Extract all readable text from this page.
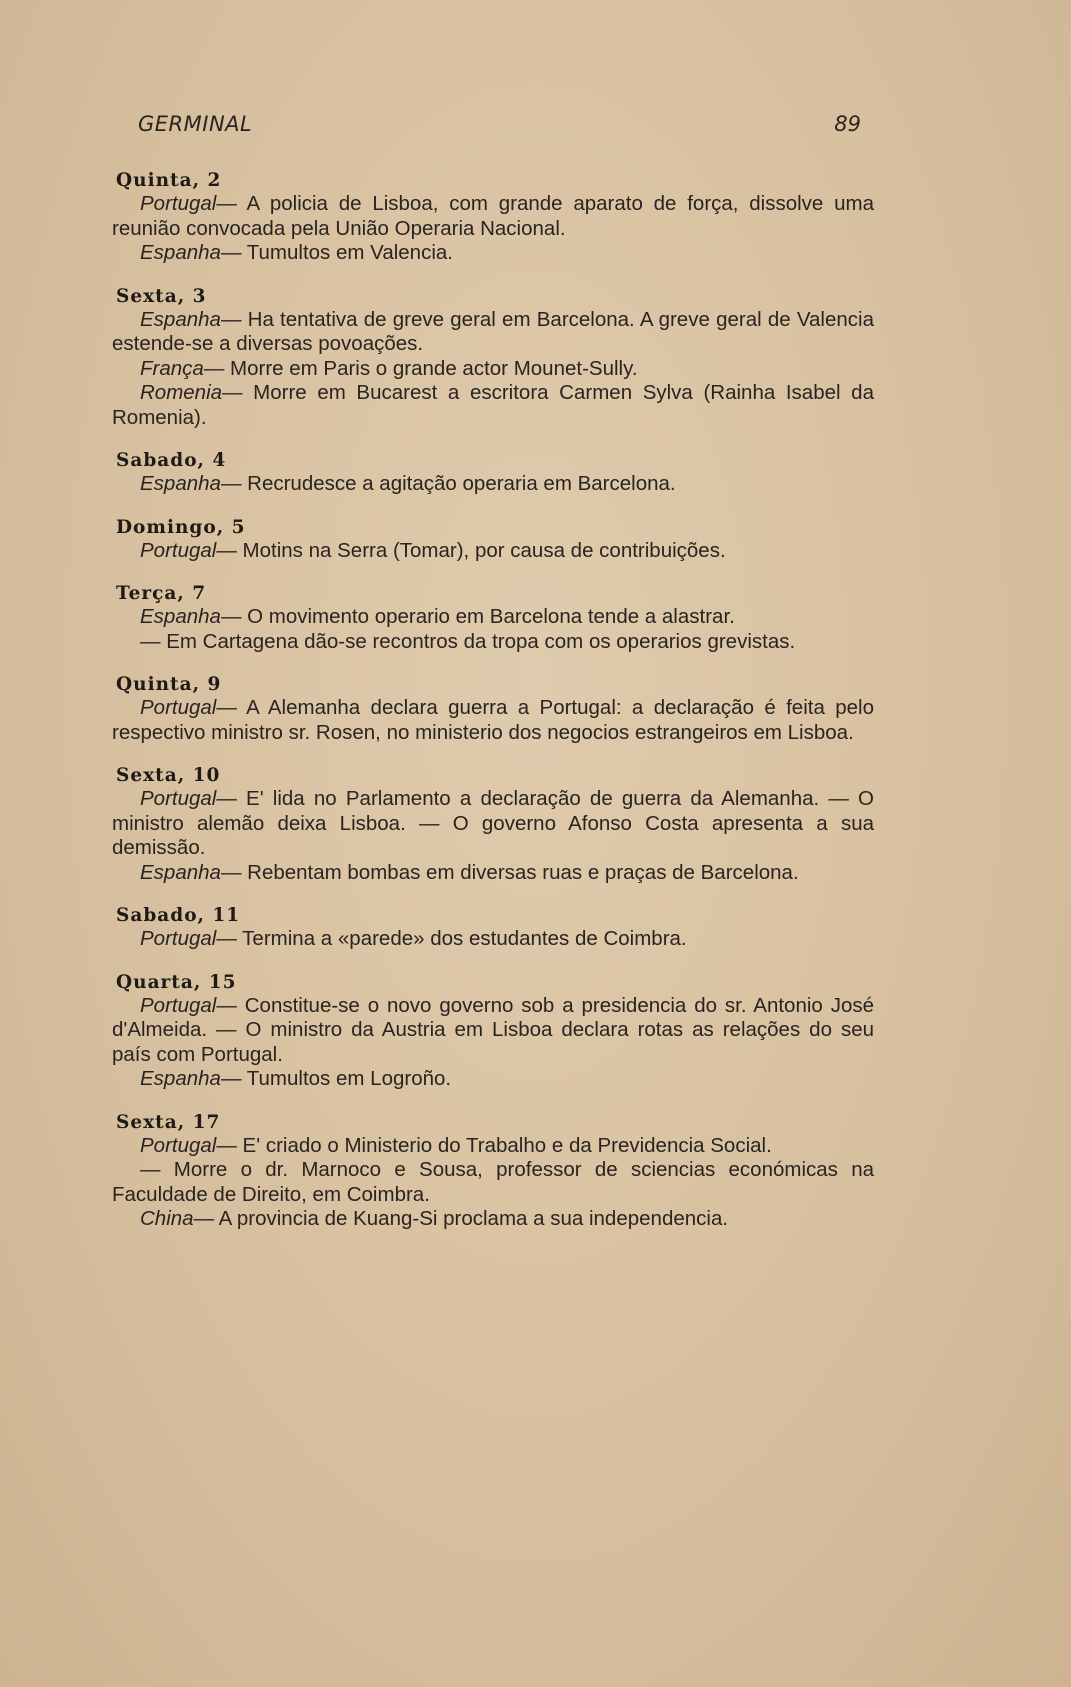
GERMINAL	89
Quinta, 2

Portugal— A policia de Lisboa, com grande aparato de força, dissolve uma reunião convocada pela União Operaria Nacional.

Espanha— Tumultos em Valencia.

Sexta, 3

Espanha— Ha tentativa de greve geral em Barcelona. A greve geral de Valencia estende-se a diversas povoações.

França— Morre em Paris o grande actor Mounet-Sully.

Romenia— Morre em Bucarest a escritora Carmen Sylva (Rainha Isabel da Romenia).

Sabado, 4

Espanha— Recrudesce a agitação operaria em Barcelona.

Domingo, 5

Portugal— Motins na Serra (Tomar), por causa de contribuições.

Terça, 7

Espanha— O movimento operario em Barcelona tende a alastrar.

— Em Cartagena dão-se recontros da tropa com os operarios grevistas.

Quinta, 9

Portugal— A Alemanha declara guerra a Portugal: a declaração é feita pelo respectivo ministro sr. Rosen, no ministerio dos negocios estrangeiros em Lisboa.

Sexta, 10

Portugal— E' lida no Parlamento a declaração de guerra da Alemanha. — O ministro alemão deixa Lisboa. — O governo Afonso Costa apresenta a sua demissão.

Espanha— Rebentam bombas em diversas ruas e praças de Barcelona.

Sabado, 11

Portugal— Termina a «parede» dos estudantes de Coimbra.

Quarta, 15

Portugal— Constitue-se o novo governo sob a presidencia do sr. Antonio José d'Almeida. — O ministro da Austria em Lisboa declara rotas as relações do seu país com Portugal.

Espanha— Tumultos em Logroño.

Sexta, 17

Portugal— E' criado o Ministerio do Trabalho e da Previdencia Social.

— Morre o dr. Marnoco e Sousa, professor de sciencias económicas na Faculdade de Direito, em Coimbra.

China— A provincia de Kuang-Si proclama a sua independencia.
